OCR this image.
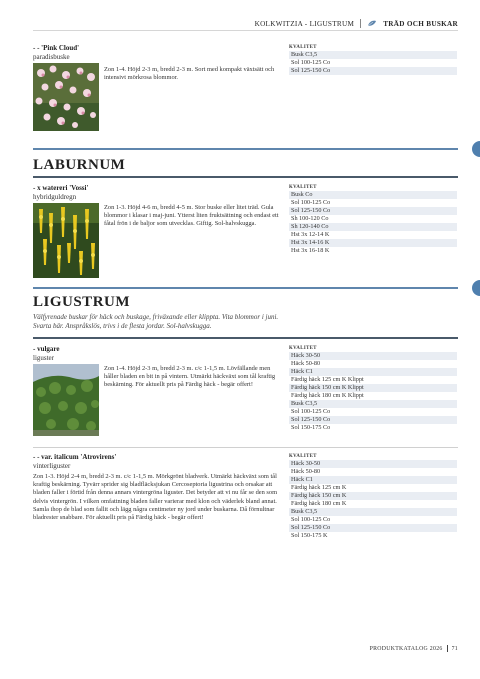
KOLKWITZIA - LIGUSTRUM	TRÄD OCH BUSKAR
- - 'Pink Cloud'
paradisbuske
Zon 1-4. Höjd 2-3 m, bredd 2-3 m. Sort med kompakt växtsätt och intensivt mörkrosa blommor.
KVALITET
Busk C3,5
Sol 100-125 Co
Sol 125-150 Co
LABURNUM
- x watereri 'Vossi'
hybridguldregn
Zon 1-3. Höjd 4-6 m, bredd 4-5 m. Stor buske eller litet träd. Gula blommor i klasar i maj-juni. Ytterst liten fruktsättning och endast ett fåtal frön i de baljor som utvecklas. Giftig. Sol-halvskugga.
KVALITET
Busk Co
Sol 100-125 Co
Sol 125-150 Co
Sh 100-120 Co
Sh 120-140 Co
Hst 3x 12-14 K
Hst 3x 14-16 K
Hst 3x 16-18 K
LIGUSTRUM
Välfyrenade buskar för häck och buskage, friväxande eller klippta. Vita blommor i juni. Svarta bär. Anspråkslös, trivs i de flesta jordar. Sol-halvskugga.
- vulgare
liguster
Zon 1-4. Höjd 2-3 m, bredd 2-3 m. c/c 1-1,5 m. Lövfällande men håller bladen en bit in på vintern. Utmärkt häckväxt som tål kraftig beskärning. För aktuellt pris på Färdig häck - begär offert!
KVALITET
Häck 30-50
Häck 50-80
Häck C1
Färdig häck 125 cm K Klippt
Färdig häck 150 cm K Klippt
Färdig häck 180 cm K Klippt
Busk C3,5
Sol 100-125 Co
Sol 125-150 Co
Sol 150-175 Co
- - var. italicum 'Atrovirens'
vinterliguster
Zon 1-3. Höjd 2-4 m, bredd 2-3 m. c/c 1-1,5 m. Mörkgrönt bladverk. Utmärkt häckväxt som tål kraftig beskärning. Tyvärr sprider sig bladfläcksjukan Cercoseptoria ligustrina och orsakar att bladen faller i förtid från denna annars vintergröna liguster. Det betyder att vi nu får se den som delvis vintergrön. I vilken omfattning bladen faller varierar med klon och väderlek bland annat. Samla ihop de blad som fallit och lägg några centimeter ny jord under buskarna. Då förnultnar bladrester snabbare. För aktuellt pris på Färdig häck - begär offert!
KVALITET
Häck 30-50
Häck 50-80
Häck C1
Färdig häck 125 cm K
Färdig häck 150 cm K
Färdig häck 180 cm K
Busk C3,5
Sol 100-125 Co
Sol 125-150 Co
Sol 150-175 K
PRODUKTKATALOG 2026 71
